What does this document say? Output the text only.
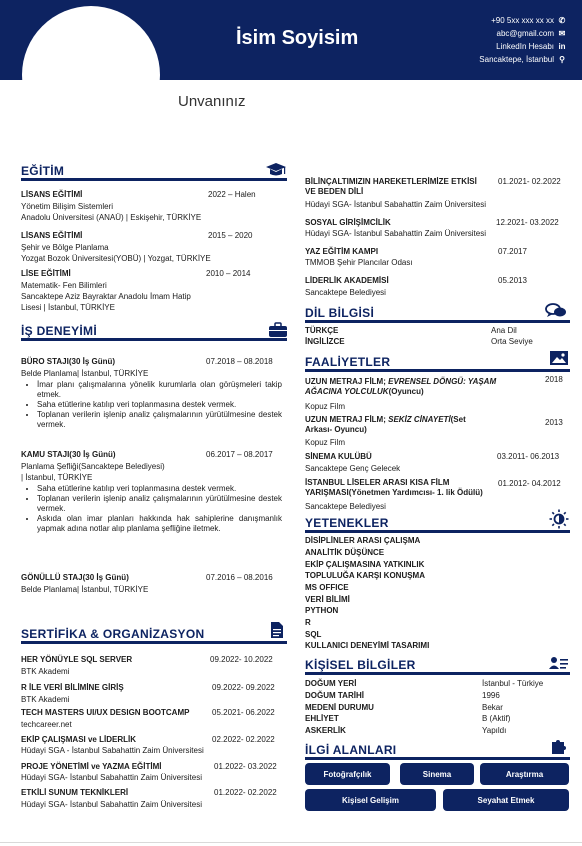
İsim Soyisim
+90 5xx xxx xx xx ✆
abc@gmail.com ✉
LinkedIn Hesabı in
Sancaktepe, İstanbul ⚲
Unvanınız
EĞİTİM
LİSANS EĞİTİMİ	2022 – Halen
Yönetim Bilişim Sistemleri
Anadolu Üniversitesi (ANAÜ) | Eskişehir, TÜRKİYE
LİSANS EĞİTİMİ	2015 – 2020
Şehir ve Bölge Planlama
Yozgat Bozok Üniversitesi(YOBÜ) | Yozgat, TÜRKİYE
LİSE EĞİTİMİ	2010 – 2014
Matematik- Fen Bilimleri
Sancaktepe Aziz Bayraktar Anadolu İmam Hatip
Lisesi | İstanbul, TÜRKİYE
İŞ DENEYİMİ
BÜRO STAJI(30 İş Günü)	07.2018 – 08.2018
Belde Planlama| İstanbul, TÜRKİYE
• İmar planı çalışmalarına yönelik kurumlarla olan görüşmeleri takip etmek.
• Saha etütlerine katılıp veri toplanmasına destek vermek.
• Toplanan verilerin işlenip analiz çalışmalarının yürütülmesine destek vermek.
KAMU STAJI(30 İş Günü)	06.2017 – 08.2017
Planlama Şefliği(Sancaktepe Belediyesi)
| İstanbul, TÜRKİYE
• Saha etütlerine katılıp veri toplanmasına destek vermek.
• Toplanan verilerin işlenip analiz çalışmalarının yürütülmesine destek vermek.
• Askıda olan imar planları hakkında hak sahiplerine danışmanlık yapmak adına notlar alıp planlama şefliğine iletmek.
GÖNÜLLÜ STAJ(30 İş Günü)	07.2016 – 08.2016
Belde Planlama| İstanbul, TÜRKİYE
SERTİFİKA & ORGANİZASYON
HER YÖNÜYLE SQL SERVER	09.2022- 10.2022
BTK Akademi
R İLE VERİ BİLİMİNE GİRİŞ	09.2022- 09.2022
BTK Akademi
TECH MASTERS UI/UX DESIGN BOOTCAMP	05.2021- 06.2022
techcareer.net
EKİP ÇALIŞMASI ve LİDERLİK	02.2022- 02.2022
Hüdayi SGA - İstanbul Sabahattin Zaim Üniversitesi
PROJE YÖNETİMİ ve YAZMA EĞİTİMİ	01.2022- 03.2022
Hüdayi SGA- İstanbul Sabahattin Zaim Üniversitesi
ETKİLİ SUNUM TEKNİKLERİ	01.2022- 02.2022
Hüdayi SGA- İstanbul Sabahattin Zaim Üniversitesi
BİLİNÇALTIMIZIN HAREKETLERİMİZE ETKİSİ VE BEDEN DİLİ
01.2021- 02.2022
Hüdayi SGA- İstanbul Sabahattin Zaim Üniversitesi
SOSYAL GİRİŞİMCİLİK	12.2021- 03.2022
Hüdayi SGA- İstanbul Sabahattin Zaim Üniversitesi
YAZ EĞİTİM KAMPI	07.2017
TMMOB Şehir Plancılar Odası
LİDERLİK AKADEMİSİ	05.2013
Sancaktepe Belediyesi
DİL BİLGİSİ
TÜRKÇE	Ana Dil
İNGİLİZCE	Orta Seviye
FAALİYETLER
UZUN METRAJ FİLM; EVRENSEL DÖNGÜ: YAŞAM AĞACINA YOLCULUK(Oyuncu)
2018
Kopuz Film
UZUN METRAJ FİLM; SEKİZ CİNAYETİ(Set Arkası- Oyuncu)
2013
Kopuz Film
SİNEMA KULÜBÜ	03.2011- 06.2013
Sancaktepe Genç Gelecek
İSTANBUL LİSELER ARASI KISA FİLM YARIŞMASI(Yönetmen Yardımcısı- 1. lik Ödülü)
01.2012- 04.2012
Sancaktepe Belediyesi
YETENEKLER
DİSİPLİNLER ARASI ÇALIŞMA
ANALİTİK DÜŞÜNCE
EKİP ÇALIŞMASINA YATKINLIK
TOPLULUĞA KARŞI KONUŞMA
MS OFFICE
VERİ BİLİMİ
PYTHON
R
SQL
KULLANICI DENEYİMİ TASARIMI
KİŞİSEL BİLGİLER
DOĞUM YERİ	İstanbul - Türkiye
DOĞUM TARİHİ	1996
MEDENİ DURUMU	Bekar
EHLİYET	B (Aktif)
ASKERLİK	Yapıldı
İLGİ ALANLARI
Fotoğrafçılık	Sinema	Araştırma
Kişisel Gelişim	Seyahat Etmek
